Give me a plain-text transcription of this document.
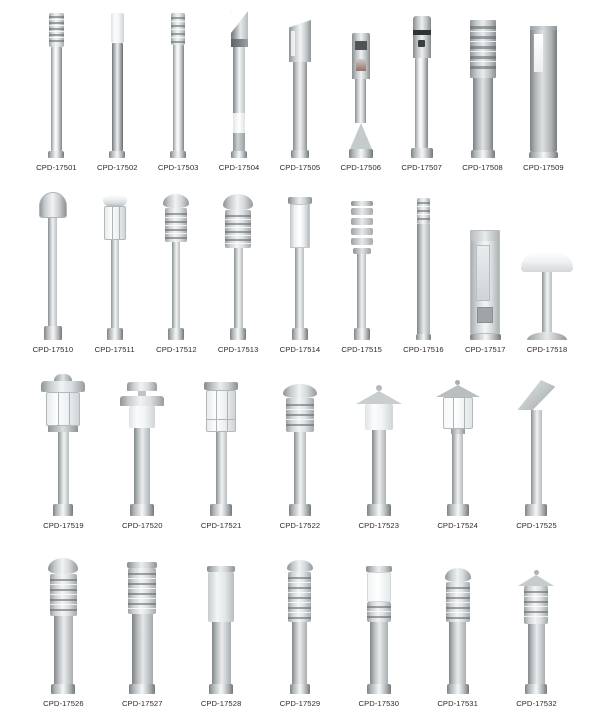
CPD-17501	CPD-17502	CPD-17503	CPD-17504	CPD-17505	CPD-17506	CPD-17507	CPD-17508	CPD-17509
CPD-17510	CPD-17511	CPD-17512	CPD-17513	CPD-17514	CPD-17515	CPD-17516	CPD-17517	CPD-17518
CPD-17519	CPD-17520	CPD-17521	CPD-17522	CPD-17523	CPD-17524	CPD-17525
CPD-17526	CPD-17527	CPD-17528	CPD-17529	CPD-17530	CPD-17531	CPD-17532
